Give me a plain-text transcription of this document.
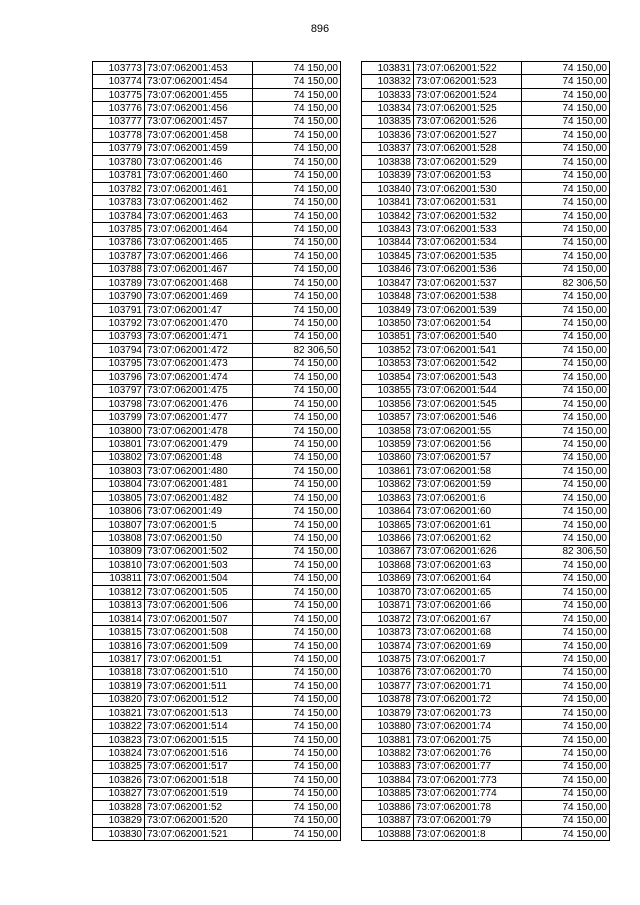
896
103773	73:07:062001:453	74 150,00
103774	73:07:062001:454	74 150,00
103775	73:07:062001:455	74 150,00
103776	73:07:062001:456	74 150,00
103777	73:07:062001:457	74 150,00
103778	73:07:062001:458	74 150,00
103779	73:07:062001:459	74 150,00
103780	73:07:062001:46	74 150,00
103781	73:07:062001:460	74 150,00
103782	73:07:062001:461	74 150,00
103783	73:07:062001:462	74 150,00
103784	73:07:062001:463	74 150,00
103785	73:07:062001:464	74 150,00
103786	73:07:062001:465	74 150,00
103787	73:07:062001:466	74 150,00
103788	73:07:062001:467	74 150,00
103789	73:07:062001:468	74 150,00
103790	73:07:062001:469	74 150,00
103791	73:07:062001:47	74 150,00
103792	73:07:062001:470	74 150,00
103793	73:07:062001:471	74 150,00
103794	73:07:062001:472	82 306,50
103795	73:07:062001:473	74 150,00
103796	73:07:062001:474	74 150,00
103797	73:07:062001:475	74 150,00
103798	73:07:062001:476	74 150,00
103799	73:07:062001:477	74 150,00
103800	73:07:062001:478	74 150,00
103801	73:07:062001:479	74 150,00
103802	73:07:062001:48	74 150,00
103803	73:07:062001:480	74 150,00
103804	73:07:062001:481	74 150,00
103805	73:07:062001:482	74 150,00
103806	73:07:062001:49	74 150,00
103807	73:07:062001:5	74 150,00
103808	73:07:062001:50	74 150,00
103809	73:07:062001:502	74 150,00
103810	73:07:062001:503	74 150,00
103811	73:07:062001:504	74 150,00
103812	73:07:062001:505	74 150,00
103813	73:07:062001:506	74 150,00
103814	73:07:062001:507	74 150,00
103815	73:07:062001:508	74 150,00
103816	73:07:062001:509	74 150,00
103817	73:07:062001:51	74 150,00
103818	73:07:062001:510	74 150,00
103819	73:07:062001:511	74 150,00
103820	73:07:062001:512	74 150,00
103821	73:07:062001:513	74 150,00
103822	73:07:062001:514	74 150,00
103823	73:07:062001:515	74 150,00
103824	73:07:062001:516	74 150,00
103825	73:07:062001:517	74 150,00
103826	73:07:062001:518	74 150,00
103827	73:07:062001:519	74 150,00
103828	73:07:062001:52	74 150,00
103829	73:07:062001:520	74 150,00
103830	73:07:062001:521	74 150,00
103831	73:07:062001:522	74 150,00
103832	73:07:062001:523	74 150,00
103833	73:07:062001:524	74 150,00
103834	73:07:062001:525	74 150,00
103835	73:07:062001:526	74 150,00
103836	73:07:062001:527	74 150,00
103837	73:07:062001:528	74 150,00
103838	73:07:062001:529	74 150,00
103839	73:07:062001:53	74 150,00
103840	73:07:062001:530	74 150,00
103841	73:07:062001:531	74 150,00
103842	73:07:062001:532	74 150,00
103843	73:07:062001:533	74 150,00
103844	73:07:062001:534	74 150,00
103845	73:07:062001:535	74 150,00
103846	73:07:062001:536	74 150,00
103847	73:07:062001:537	82 306,50
103848	73:07:062001:538	74 150,00
103849	73:07:062001:539	74 150,00
103850	73:07:062001:54	74 150,00
103851	73:07:062001:540	74 150,00
103852	73:07:062001:541	74 150,00
103853	73:07:062001:542	74 150,00
103854	73:07:062001:543	74 150,00
103855	73:07:062001:544	74 150,00
103856	73:07:062001:545	74 150,00
103857	73:07:062001:546	74 150,00
103858	73:07:062001:55	74 150,00
103859	73:07:062001:56	74 150,00
103860	73:07:062001:57	74 150,00
103861	73:07:062001:58	74 150,00
103862	73:07:062001:59	74 150,00
103863	73:07:062001:6	74 150,00
103864	73:07:062001:60	74 150,00
103865	73:07:062001:61	74 150,00
103866	73:07:062001:62	74 150,00
103867	73:07:062001:626	82 306,50
103868	73:07:062001:63	74 150,00
103869	73:07:062001:64	74 150,00
103870	73:07:062001:65	74 150,00
103871	73:07:062001:66	74 150,00
103872	73:07:062001:67	74 150,00
103873	73:07:062001:68	74 150,00
103874	73:07:062001:69	74 150,00
103875	73:07:062001:7	74 150,00
103876	73:07:062001:70	74 150,00
103877	73:07:062001:71	74 150,00
103878	73:07:062001:72	74 150,00
103879	73:07:062001:73	74 150,00
103880	73:07:062001:74	74 150,00
103881	73:07:062001:75	74 150,00
103882	73:07:062001:76	74 150,00
103883	73:07:062001:77	74 150,00
103884	73:07:062001:773	74 150,00
103885	73:07:062001:774	74 150,00
103886	73:07:062001:78	74 150,00
103887	73:07:062001:79	74 150,00
103888	73:07:062001:8	74 150,00
